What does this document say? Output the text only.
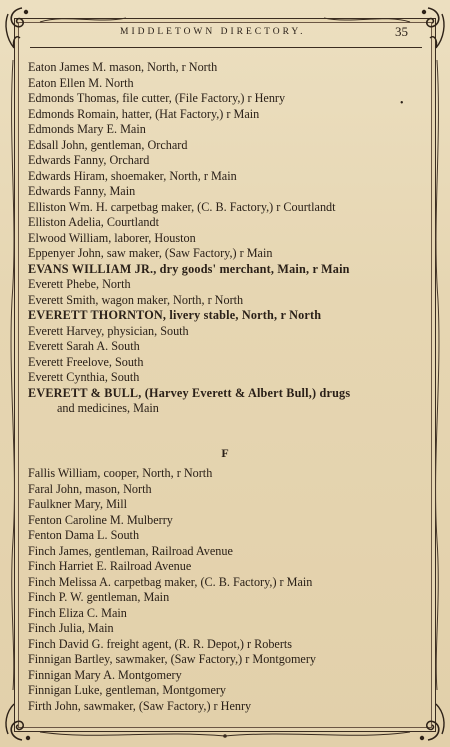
MIDDLETOWN DIRECTORY.	35
•
Eaton James M. mason, North, r North
Eaton Ellen M. North
Edmonds Thomas, file cutter, (File Factory,) r Henry
Edmonds Romain, hatter, (Hat Factory,) r Main
Edmonds Mary E. Main
Edsall John, gentleman, Orchard
Edwards Fanny, Orchard
Edwards Hiram, shoemaker, North, r Main
Edwards Fanny, Main
Elliston Wm. H. carpetbag maker, (C. B. Factory,) r Courtlandt
Elliston Adelia, Courtlandt
Elwood William, laborer, Houston
Eppenyer John, saw maker, (Saw Factory,) r Main
EVANS WILLIAM JR., dry goods' merchant, Main, r Main
Everett Phebe, North
Everett Smith, wagon maker, North, r North
EVERETT THORNTON, livery stable, North, r North
Everett Harvey, physician, South
Everett Sarah A. South
Everett Freelove, South
Everett Cynthia, South
EVERETT & BULL, (Harvey Everett & Albert Bull,) drugs
and medicines, Main
F
Fallis William, cooper, North, r North
Faral John, mason, North
Faulkner Mary, Mill
Fenton Caroline M. Mulberry
Fenton Dama L. South
Finch James, gentleman, Railroad Avenue
Finch Harriet E. Railroad Avenue
Finch Melissa A. carpetbag maker, (C. B. Factory,) r Main
Finch P. W. gentleman, Main
Finch Eliza C. Main
Finch Julia, Main
Finch David G. freight agent, (R. R. Depot,) r Roberts
Finnigan Bartley, sawmaker, (Saw Factory,) r Montgomery
Finnigan Mary A. Montgomery
Finnigan Luke, gentleman, Montgomery
Firth John, sawmaker, (Saw Factory,) r Henry
